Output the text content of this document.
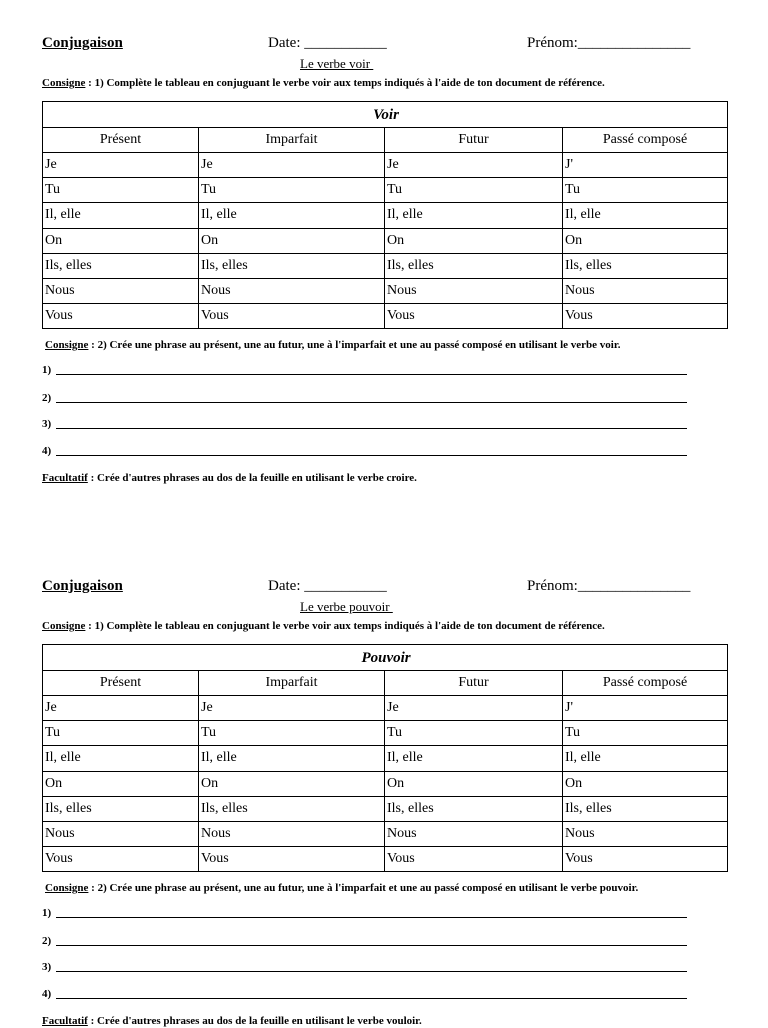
Conjugaison	Date: ___________	Prénom:_______________
Le verbe voir
Consigne : 1) Complète le tableau en conjuguant le verbe voir aux temps indiqués à l'aide de ton document de référence.
Voir			
Présent	Imparfait	Futur	Passé composé
Je	Je	Je	J'
Tu	Tu	Tu	Tu
Il, elle	Il, elle	Il, elle	Il, elle
On	On	On	On
Ils, elles	Ils, elles	Ils, elles	Ils, elles
Nous	Nous	Nous	Nous
Vous	Vous	Vous	Vous
Consigne : 2) Crée une phrase au présent, une au futur, une à l'imparfait et une au passé composé en utilisant le verbe voir.
1)
2)
3)
4)
Facultatif : Crée d'autres phrases au dos de la feuille en utilisant le verbe croire.
Conjugaison	Date: ___________	Prénom:_______________
Le verbe pouvoir
Consigne : 1) Complète le tableau en conjuguant le verbe voir aux temps indiqués à l'aide de ton document de référence.
Pouvoir			
Présent	Imparfait	Futur	Passé composé
Je	Je	Je	J'
Tu	Tu	Tu	Tu
Il, elle	Il, elle	Il, elle	Il, elle
On	On	On	On
Ils, elles	Ils, elles	Ils, elles	Ils, elles
Nous	Nous	Nous	Nous
Vous	Vous	Vous	Vous
Consigne : 2) Crée une phrase au présent, une au futur, une à l'imparfait et une au passé composé en utilisant le verbe pouvoir.
1)
2)
3)
4)
Facultatif : Crée d'autres phrases au dos de la feuille en utilisant le verbe vouloir.
